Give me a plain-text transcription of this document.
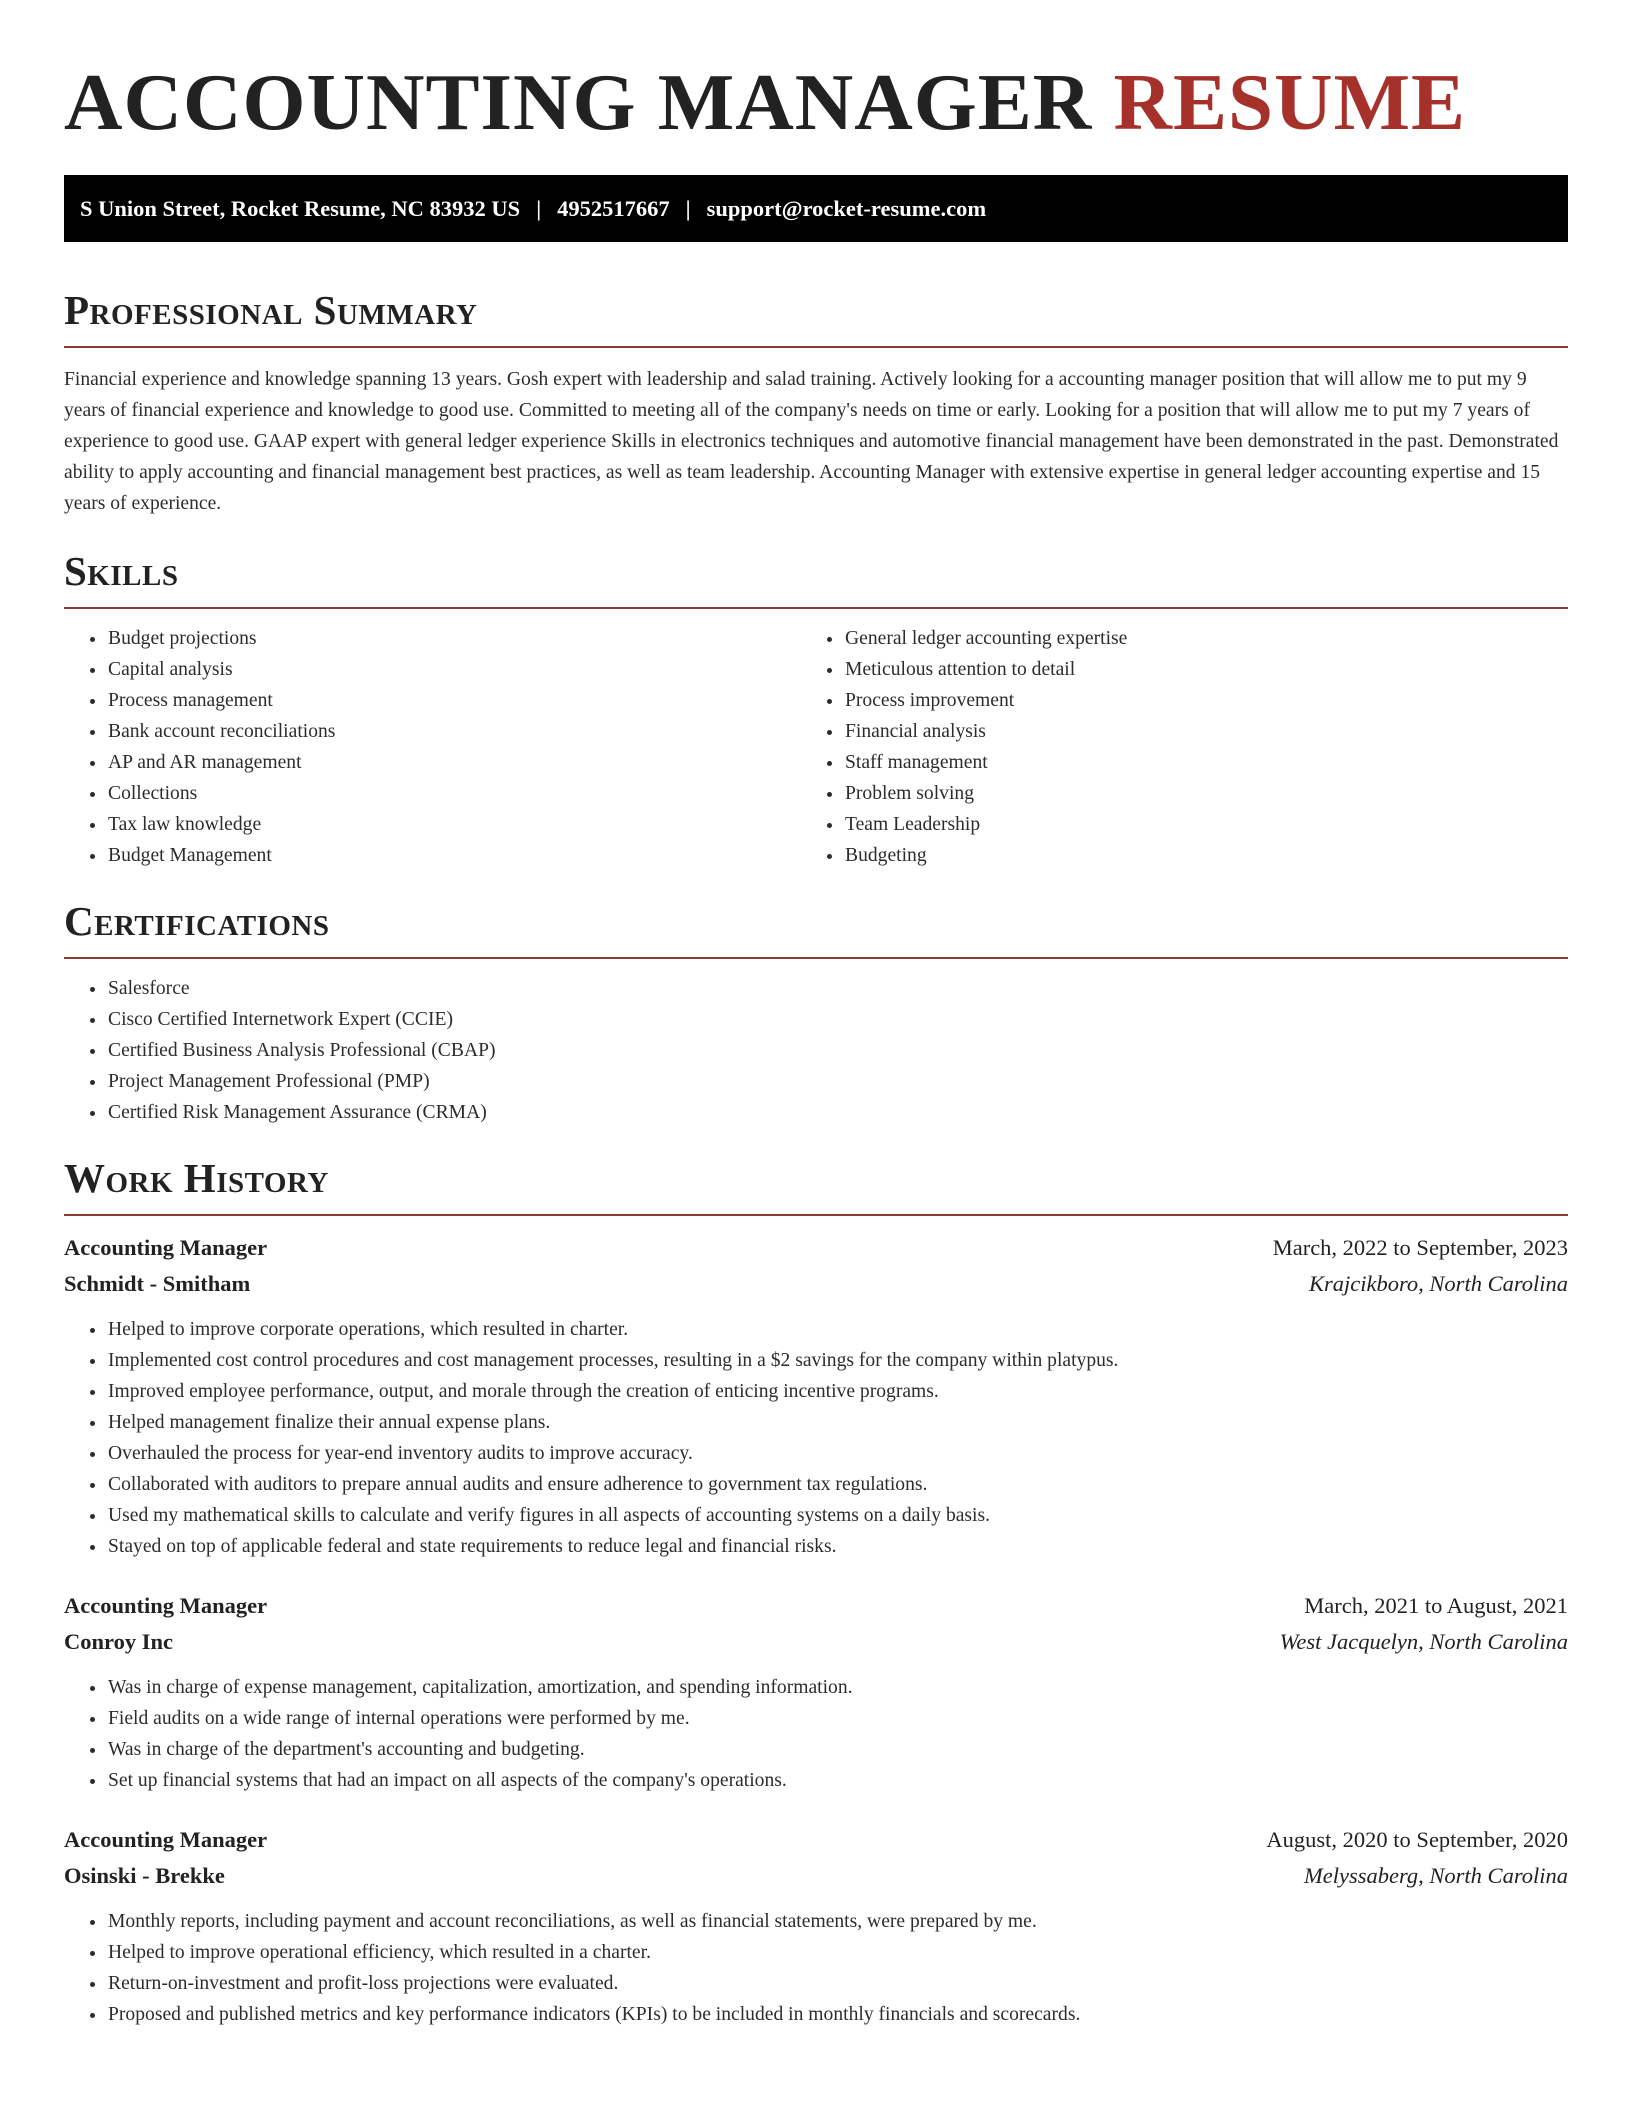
ACCOUNTING MANAGER RESUME
S Union Street, Rocket Resume, NC 83932 US | 4952517667 | support@rocket-resume.com
Professional Summary

Financial experience and knowledge spanning 13 years. Gosh expert with leadership and salad training. Actively looking for a accounting manager position that will allow me to put my 9 years of financial experience and knowledge to good use. Committed to meeting all of the company's needs on time or early. Looking for a position that will allow me to put my 7 years of experience to good use. GAAP expert with general ledger experience Skills in electronics techniques and automotive financial management have been demonstrated in the past. Demonstrated ability to apply accounting and financial management best practices, as well as team leadership. Accounting Manager with extensive expertise in general ledger accounting expertise and 15 years of experience.

Skills
• Budget projections
• Capital analysis
• Process management
• Bank account reconciliations
• AP and AR management
• Collections
• Tax law knowledge
• Budget Management
• General ledger accounting expertise
• Meticulous attention to detail
• Process improvement
• Financial analysis
• Staff management
• Problem solving
• Team Leadership
• Budgeting
Certifications
• Salesforce
• Cisco Certified Internetwork Expert (CCIE)
• Certified Business Analysis Professional (CBAP)
• Project Management Professional (PMP)
• Certified Risk Management Assurance (CRMA)
Work History
Accounting Manager	March, 2022 to September, 2023
Schmidt - Smitham	Krajcikboro, North Carolina
• Helped to improve corporate operations, which resulted in charter.
• Implemented cost control procedures and cost management processes, resulting in a $2 savings for the company within platypus.
• Improved employee performance, output, and morale through the creation of enticing incentive programs.
• Helped management finalize their annual expense plans.
• Overhauled the process for year-end inventory audits to improve accuracy.
• Collaborated with auditors to prepare annual audits and ensure adherence to government tax regulations.
• Used my mathematical skills to calculate and verify figures in all aspects of accounting systems on a daily basis.
• Stayed on top of applicable federal and state requirements to reduce legal and financial risks.
Accounting Manager	March, 2021 to August, 2021
Conroy Inc	West Jacquelyn, North Carolina
• Was in charge of expense management, capitalization, amortization, and spending information.
• Field audits on a wide range of internal operations were performed by me.
• Was in charge of the department's accounting and budgeting.
• Set up financial systems that had an impact on all aspects of the company's operations.
Accounting Manager	August, 2020 to September, 2020
Osinski - Brekke	Melyssaberg, North Carolina
• Monthly reports, including payment and account reconciliations, as well as financial statements, were prepared by me.
• Helped to improve operational efficiency, which resulted in a charter.
• Return-on-investment and profit-loss projections were evaluated.
• Proposed and published metrics and key performance indicators (KPIs) to be included in monthly financials and scorecards.
